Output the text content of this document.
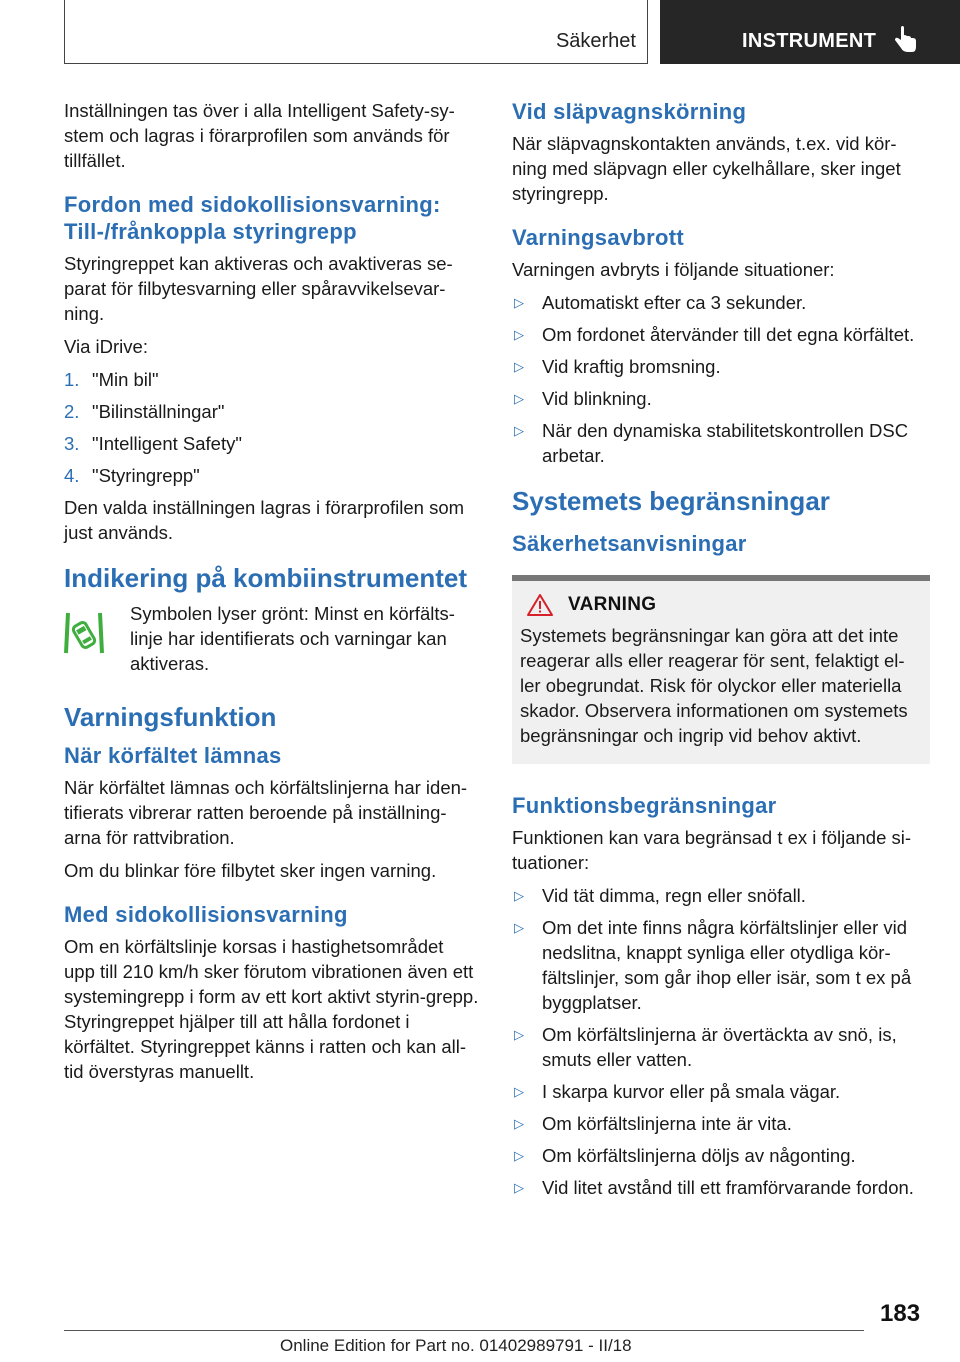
Säkerhet	INSTRUMENT

Inställningen tas över i alla Intelligent Safety-sy-stem och lagras i förarprofilen som används för tillfället.

Fordon med sidokollisionsvarning: Till-/frånkoppla styringrepp

Styringreppet kan aktiveras och avaktiveras se-parat för filbytesvarning eller spåravvikelsevar-ning.

Via iDrive:

1. "Min bil"
2. "Bilinställningar"
3. "Intelligent Safety"
4. "Styringrepp"

Den valda inställningen lagras i förarprofilen som just används.

Indikering på kombiinstrumentet

Symbolen lyser grönt: Minst en körfälts-linje har identifierats och varningar kan aktiveras.

Varningsfunktion
När körfältet lämnas

När körfältet lämnas och körfältslinjerna har iden-tifierats vibrerar ratten beroende på inställning-arna för rattvibration.

Om du blinkar före filbytet sker ingen varning.

Med sidokollisionsvarning

Om en körfältslinje korsas i hastighetsområdet upp till 210 km/h sker förutom vibrationen även ett systemingrepp i form av ett kort aktivt styrin-grepp. Styringreppet hjälper till att hålla fordonet i körfältet. Styringreppet känns i ratten och kan all-tid överstyras manuellt.

Vid släpvagnskörning

När släpvagnskontakten används, t.ex. vid kör-ning med släpvagn eller cykelhållare, sker inget styringrepp.

Varningsavbrott

Varningen avbryts i följande situationer:

▷ Automatiskt efter ca 3 sekunder.
▷ Om fordonet återvänder till det egna körfältet.
▷ Vid kraftig bromsning.
▷ Vid blinkning.
▷ När den dynamiska stabilitetskontrollen DSC arbetar.
Systemets begränsningar
Säkerhetsanvisningar
VARNING

Systemets begränsningar kan göra att det inte reagerar alls eller reagerar för sent, felaktigt el-ler obegrundat. Risk för olyckor eller materiella skador. Observera informationen om systemets begränsningar och ingrip vid behov aktivt.

Funktionsbegränsningar

Funktionen kan vara begränsad t ex i följande si-tuationer:

▷ Vid tät dimma, regn eller snöfall.
▷ Om det inte finns några körfältslinjer eller vid nedslitna, knappt synliga eller otydliga kör-fältslinjer, som går ihop eller isär, som t ex på byggplatser.
▷ Om körfältslinjerna är övertäckta av snö, is, smuts eller vatten.
▷ I skarpa kurvor eller på smala vägar.
▷ Om körfältslinjerna inte är vita.
▷ Om körfältslinjerna döljs av någonting.
▷ Vid litet avstånd till ett framförvarande fordon.
183
Online Edition for Part no. 01402989791 - II/18
